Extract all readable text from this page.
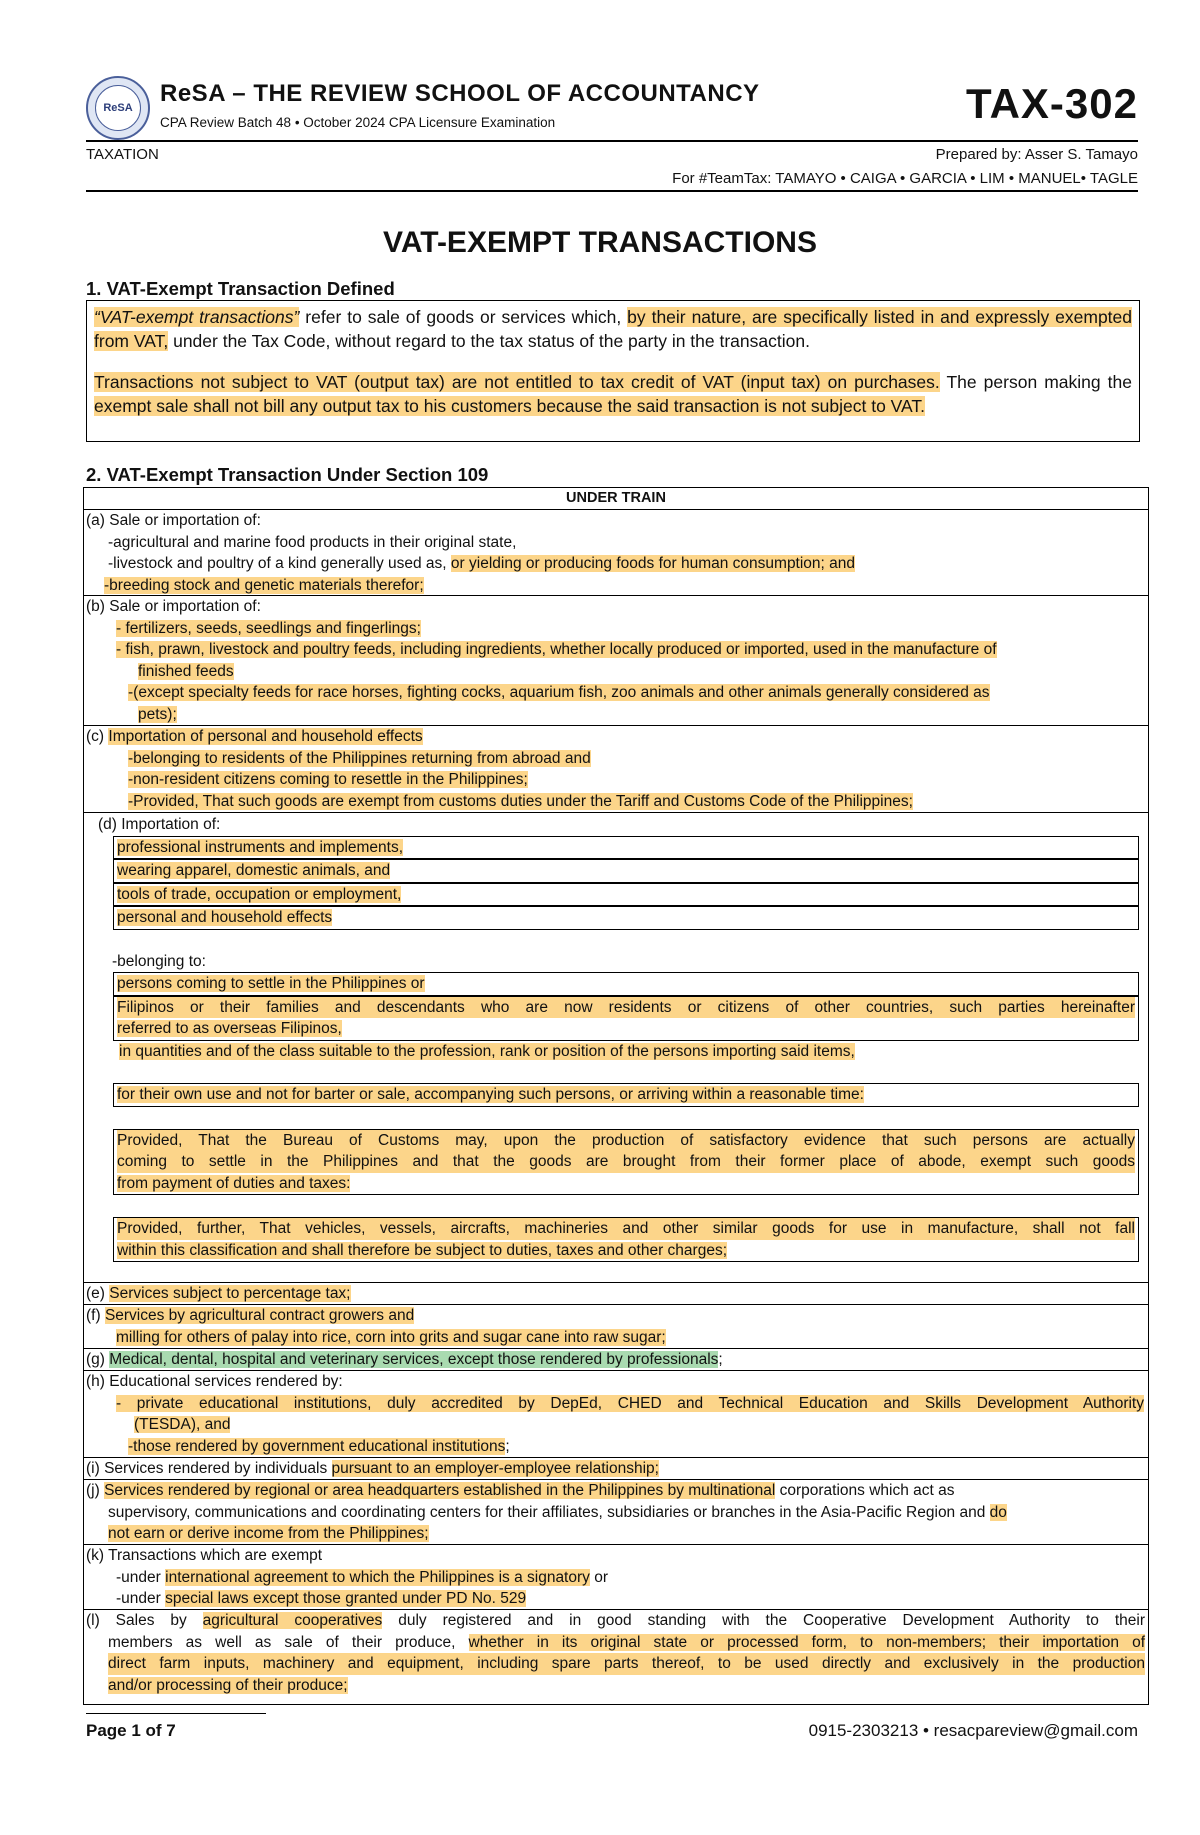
ReSA
ReSA – THE REVIEW SCHOOL OF ACCOUNTANCY
CPA Review Batch 48 • October 2024 CPA Licensure Examination	TAX-302
TAXATION	Prepared by: Asser S. Tamayo
For #TeamTax: TAMAYO • CAIGA • GARCIA • LIM • MANUEL• TAGLE
VAT-EXEMPT TRANSACTIONS
1. VAT-Exempt Transaction Defined

“VAT-exempt transactions” refer to sale of goods or services which, by their nature, are specifically listed in and expressly exempted from VAT, under the Tax Code, without regard to the tax status of the party in the transaction.

Transactions not subject to VAT (output tax) are not entitled to tax credit of VAT (input tax) on purchases. The person making the exempt sale shall not bill any output tax to his customers because the said transaction is not subject to VAT.

2. VAT-Exempt Transaction Under Section 109
UNDER TRAIN
(a) Sale or importation of:
-agricultural and marine food products in their original state,
-livestock and poultry of a kind generally used as, or yielding or producing foods for human consumption; and
-breeding stock and genetic materials therefor;
(b) Sale or importation of:
- fertilizers, seeds, seedlings and fingerlings;
- fish, prawn, livestock and poultry feeds, including ingredients, whether locally produced or imported, used in the manufacture of
finished feeds
-(except specialty feeds for race horses, fighting cocks, aquarium fish, zoo animals and other animals generally considered as
pets);
(c) Importation of personal and household effects
-belonging to residents of the Philippines returning from abroad and
-non-resident citizens coming to resettle in the Philippines;
-Provided, That such goods are exempt from customs duties under the Tariff and Customs Code of the Philippines;
(d) Importation of:
professional instruments and implements,
wearing apparel, domestic animals, and
tools of trade, occupation or employment,
personal and household effects
-belonging to:
persons coming to settle in the Philippines or
Filipinos or their families and descendants who are now residents or citizens of other countries, such parties hereinafter
referred to as overseas Filipinos,
in quantities and of the class suitable to the profession, rank or position of the persons importing said items,
for their own use and not for barter or sale, accompanying such persons, or arriving within a reasonable time:
Provided, That the Bureau of Customs may, upon the production of satisfactory evidence that such persons are actually
coming to settle in the Philippines and that the goods are brought from their former place of abode, exempt such goods
from payment of duties and taxes:
Provided, further, That vehicles, vessels, aircrafts, machineries and other similar goods for use in manufacture, shall not fall
within this classification and shall therefore be subject to duties, taxes and other charges;
(e) Services subject to percentage tax;
(f) Services by agricultural contract growers and
milling for others of palay into rice, corn into grits and sugar cane into raw sugar;
(g) Medical, dental, hospital and veterinary services, except those rendered by professionals;
(h) Educational services rendered by:
- private educational institutions, duly accredited by DepEd, CHED and Technical Education and Skills Development Authority
(TESDA), and
-those rendered by government educational institutions;
(i) Services rendered by individuals pursuant to an employer-employee relationship;
(j) Services rendered by regional or area headquarters established in the Philippines by multinational corporations which act as
supervisory, communications and coordinating centers for their affiliates, subsidiaries or branches in the Asia-Pacific Region and do
not earn or derive income from the Philippines;
(k) Transactions which are exempt
-under international agreement to which the Philippines is a signatory or
-under special laws except those granted under PD No. 529
(l) Sales by agricultural cooperatives duly registered and in good standing with the Cooperative Development Authority to their
members as well as sale of their produce, whether in its original state or processed form, to non-members; their importation of
direct farm inputs, machinery and equipment, including spare parts thereof, to be used directly and exclusively in the production
and/or processing of their produce;
Page 1 of 7	0915-2303213 • resacpareview@gmail.com
